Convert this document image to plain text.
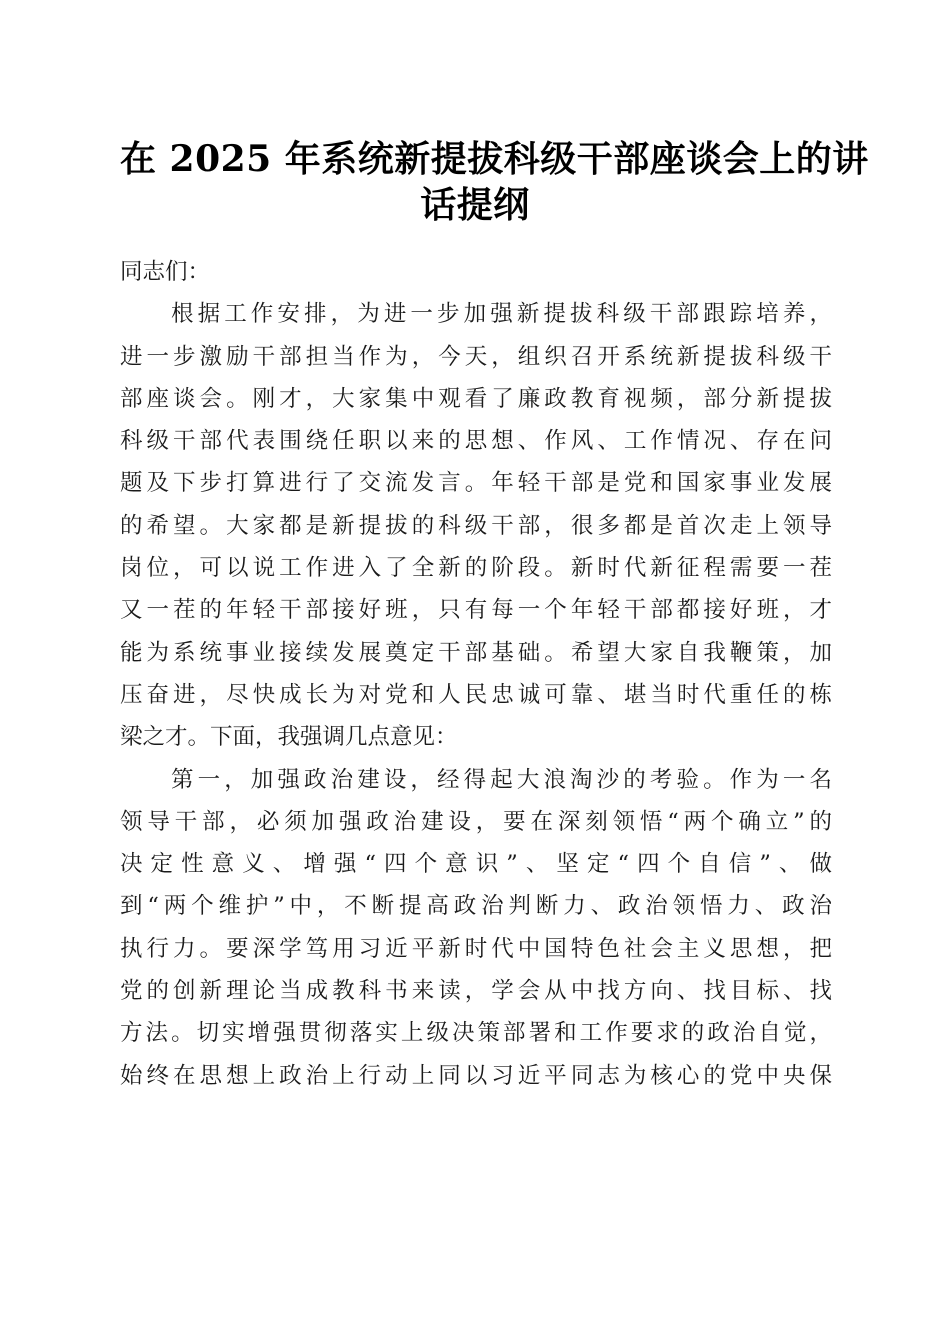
在 2025 年系统新提拔科级干部座谈会上的讲
话提纲
同志们：
根据工作安排，为进一步加强新提拔科级干部跟踪培养，
进一步激励干部担当作为，今天，组织召开系统新提拔科级干
部座谈会。刚才，大家集中观看了廉政教育视频，部分新提拔
科级干部代表围绕任职以来的思想、作风、工作情况、存在问
题及下步打算进行了交流发言。年轻干部是党和国家事业发展
的希望。大家都是新提拔的科级干部，很多都是首次走上领导
岗位，可以说工作进入了全新的阶段。新时代新征程需要一茬
又一茬的年轻干部接好班，只有每一个年轻干部都接好班，才
能为系统事业接续发展奠定干部基础。希望大家自我鞭策，加
压奋进，尽快成长为对党和人民忠诚可靠、堪当时代重任的栋
梁之才。下面，我强调几点意见：
第一，加强政治建设，经得起大浪淘沙的考验。作为一名
领导干部，必须加强政治建设，要在深刻领悟“两个确立”的
决定性意义、增强“四个意识”、坚定“四个自信”、做
到“两个维护”中，不断提高政治判断力、政治领悟力、政治
执行力。要深学笃用习近平新时代中国特色社会主义思想，把
党的创新理论当成教科书来读，学会从中找方向、找目标、找
方法。切实增强贯彻落实上级决策部署和工作要求的政治自觉，
始终在思想上政治上行动上同以习近平同志为核心的党中央保
